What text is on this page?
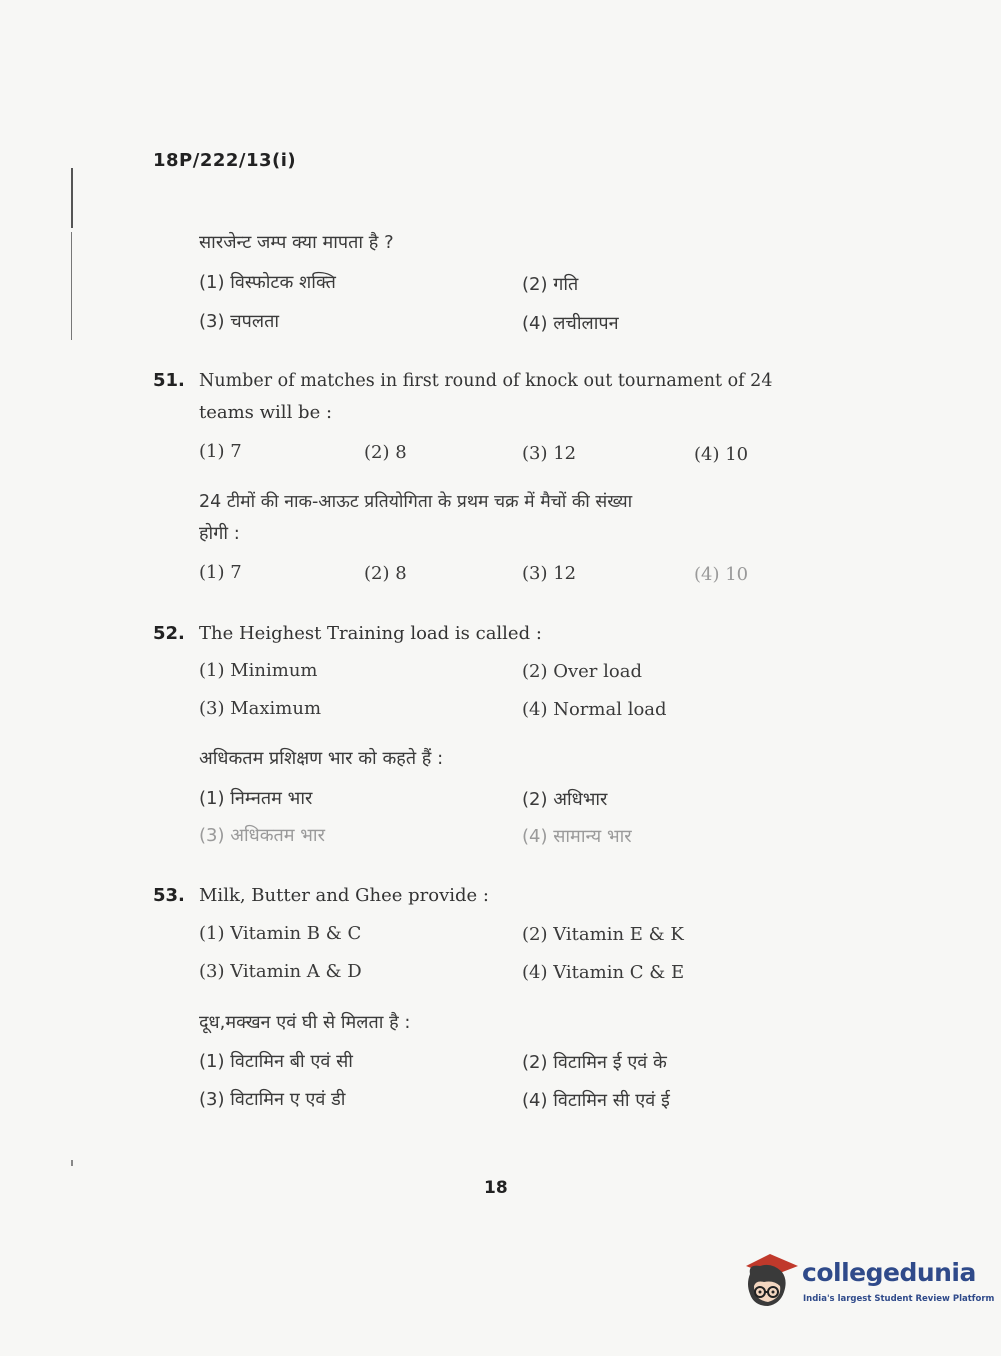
18P/222/13(i)
सारजेन्ट जम्प क्या मापता है ?
(1) विस्फोटक शक्ति	(2) गति
(3) चपलता	(4) लचीलापन
51. Number of matches in first round of knock out tournament of 24
teams will be :
(1) 7	(2) 8	(3) 12	(4) 10
24 टीमों की नाक-आऊट प्रतियोगिता के प्रथम चक्र में मैचों की संख्या
होगी :
(1) 7	(2) 8	(3) 12	(4) 10
52. The Heighest Training load is called :
(1) Minimum	(2) Over load
(3) Maximum	(4) Normal load
अधिकतम प्रशिक्षण भार को कहते हैं :
(1) निम्नतम भार	(2) अधिभार
(3) अधिकतम भार	(4) सामान्य भार
53. Milk, Butter and Ghee provide :
(1) Vitamin B & C	(2) Vitamin E & K
(3) Vitamin A & D	(4) Vitamin C & E
दूध,मक्खन एवं घी से मिलता है :
(1) विटामिन बी एवं सी	(2) विटामिन ई एवं के
(3) विटामिन ए एवं डी	(4) विटामिन सी एवं ई
18
collegedunia
India's largest Student Review Platform
